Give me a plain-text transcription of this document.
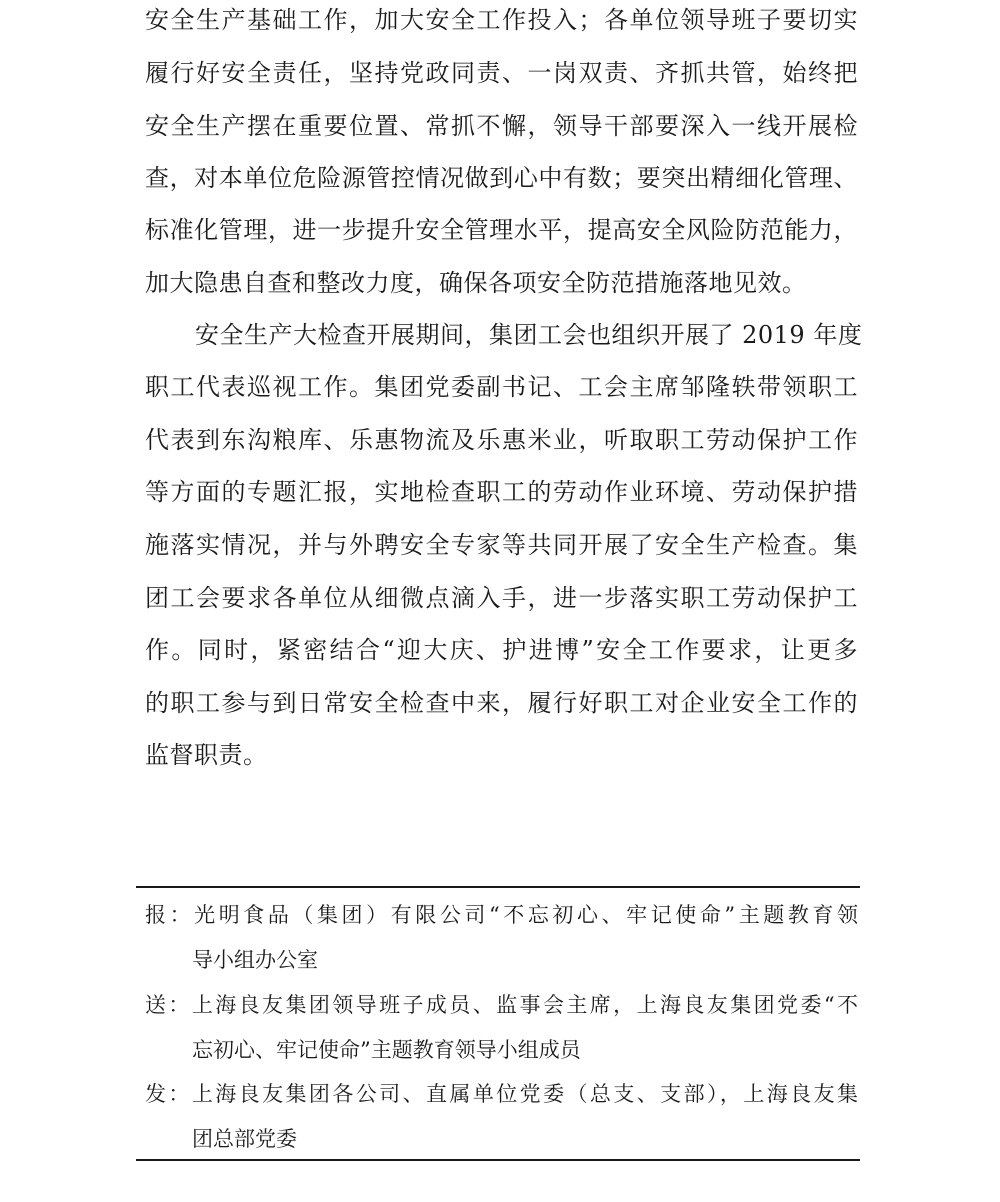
安全生产基础工作，加大安全工作投入；各单位领导班子要切实
履行好安全责任，坚持党政同责、一岗双责、齐抓共管，始终把
安全生产摆在重要位置、常抓不懈，领导干部要深入一线开展检
查，对本单位危险源管控情况做到心中有数；要突出精细化管理、
标准化管理，进一步提升安全管理水平，提高安全风险防范能力，
加大隐患自查和整改力度，确保各项安全防范措施落地见效。
安全生产大检查开展期间，集团工会也组织开展了 2019 年度
职工代表巡视工作。集团党委副书记、工会主席邹隆轶带领职工
代表到东沟粮库、乐惠物流及乐惠米业，听取职工劳动保护工作
等方面的专题汇报，实地检查职工的劳动作业环境、劳动保护措
施落实情况，并与外聘安全专家等共同开展了安全生产检查。集
团工会要求各单位从细微点滴入手，进一步落实职工劳动保护工
作。同时，紧密结合“迎大庆、护进博”安全工作要求，让更多
的职工参与到日常安全检查中来，履行好职工对企业安全工作的
监督职责。
报：光明食品（集团）有限公司“不忘初心、牢记使命”主题教育领
导小组办公室
送：上海良友集团领导班子成员、监事会主席，上海良友集团党委“不
忘初心、牢记使命”主题教育领导小组成员
发：上海良友集团各公司、直属单位党委（总支、支部），上海良友集
团总部党委
